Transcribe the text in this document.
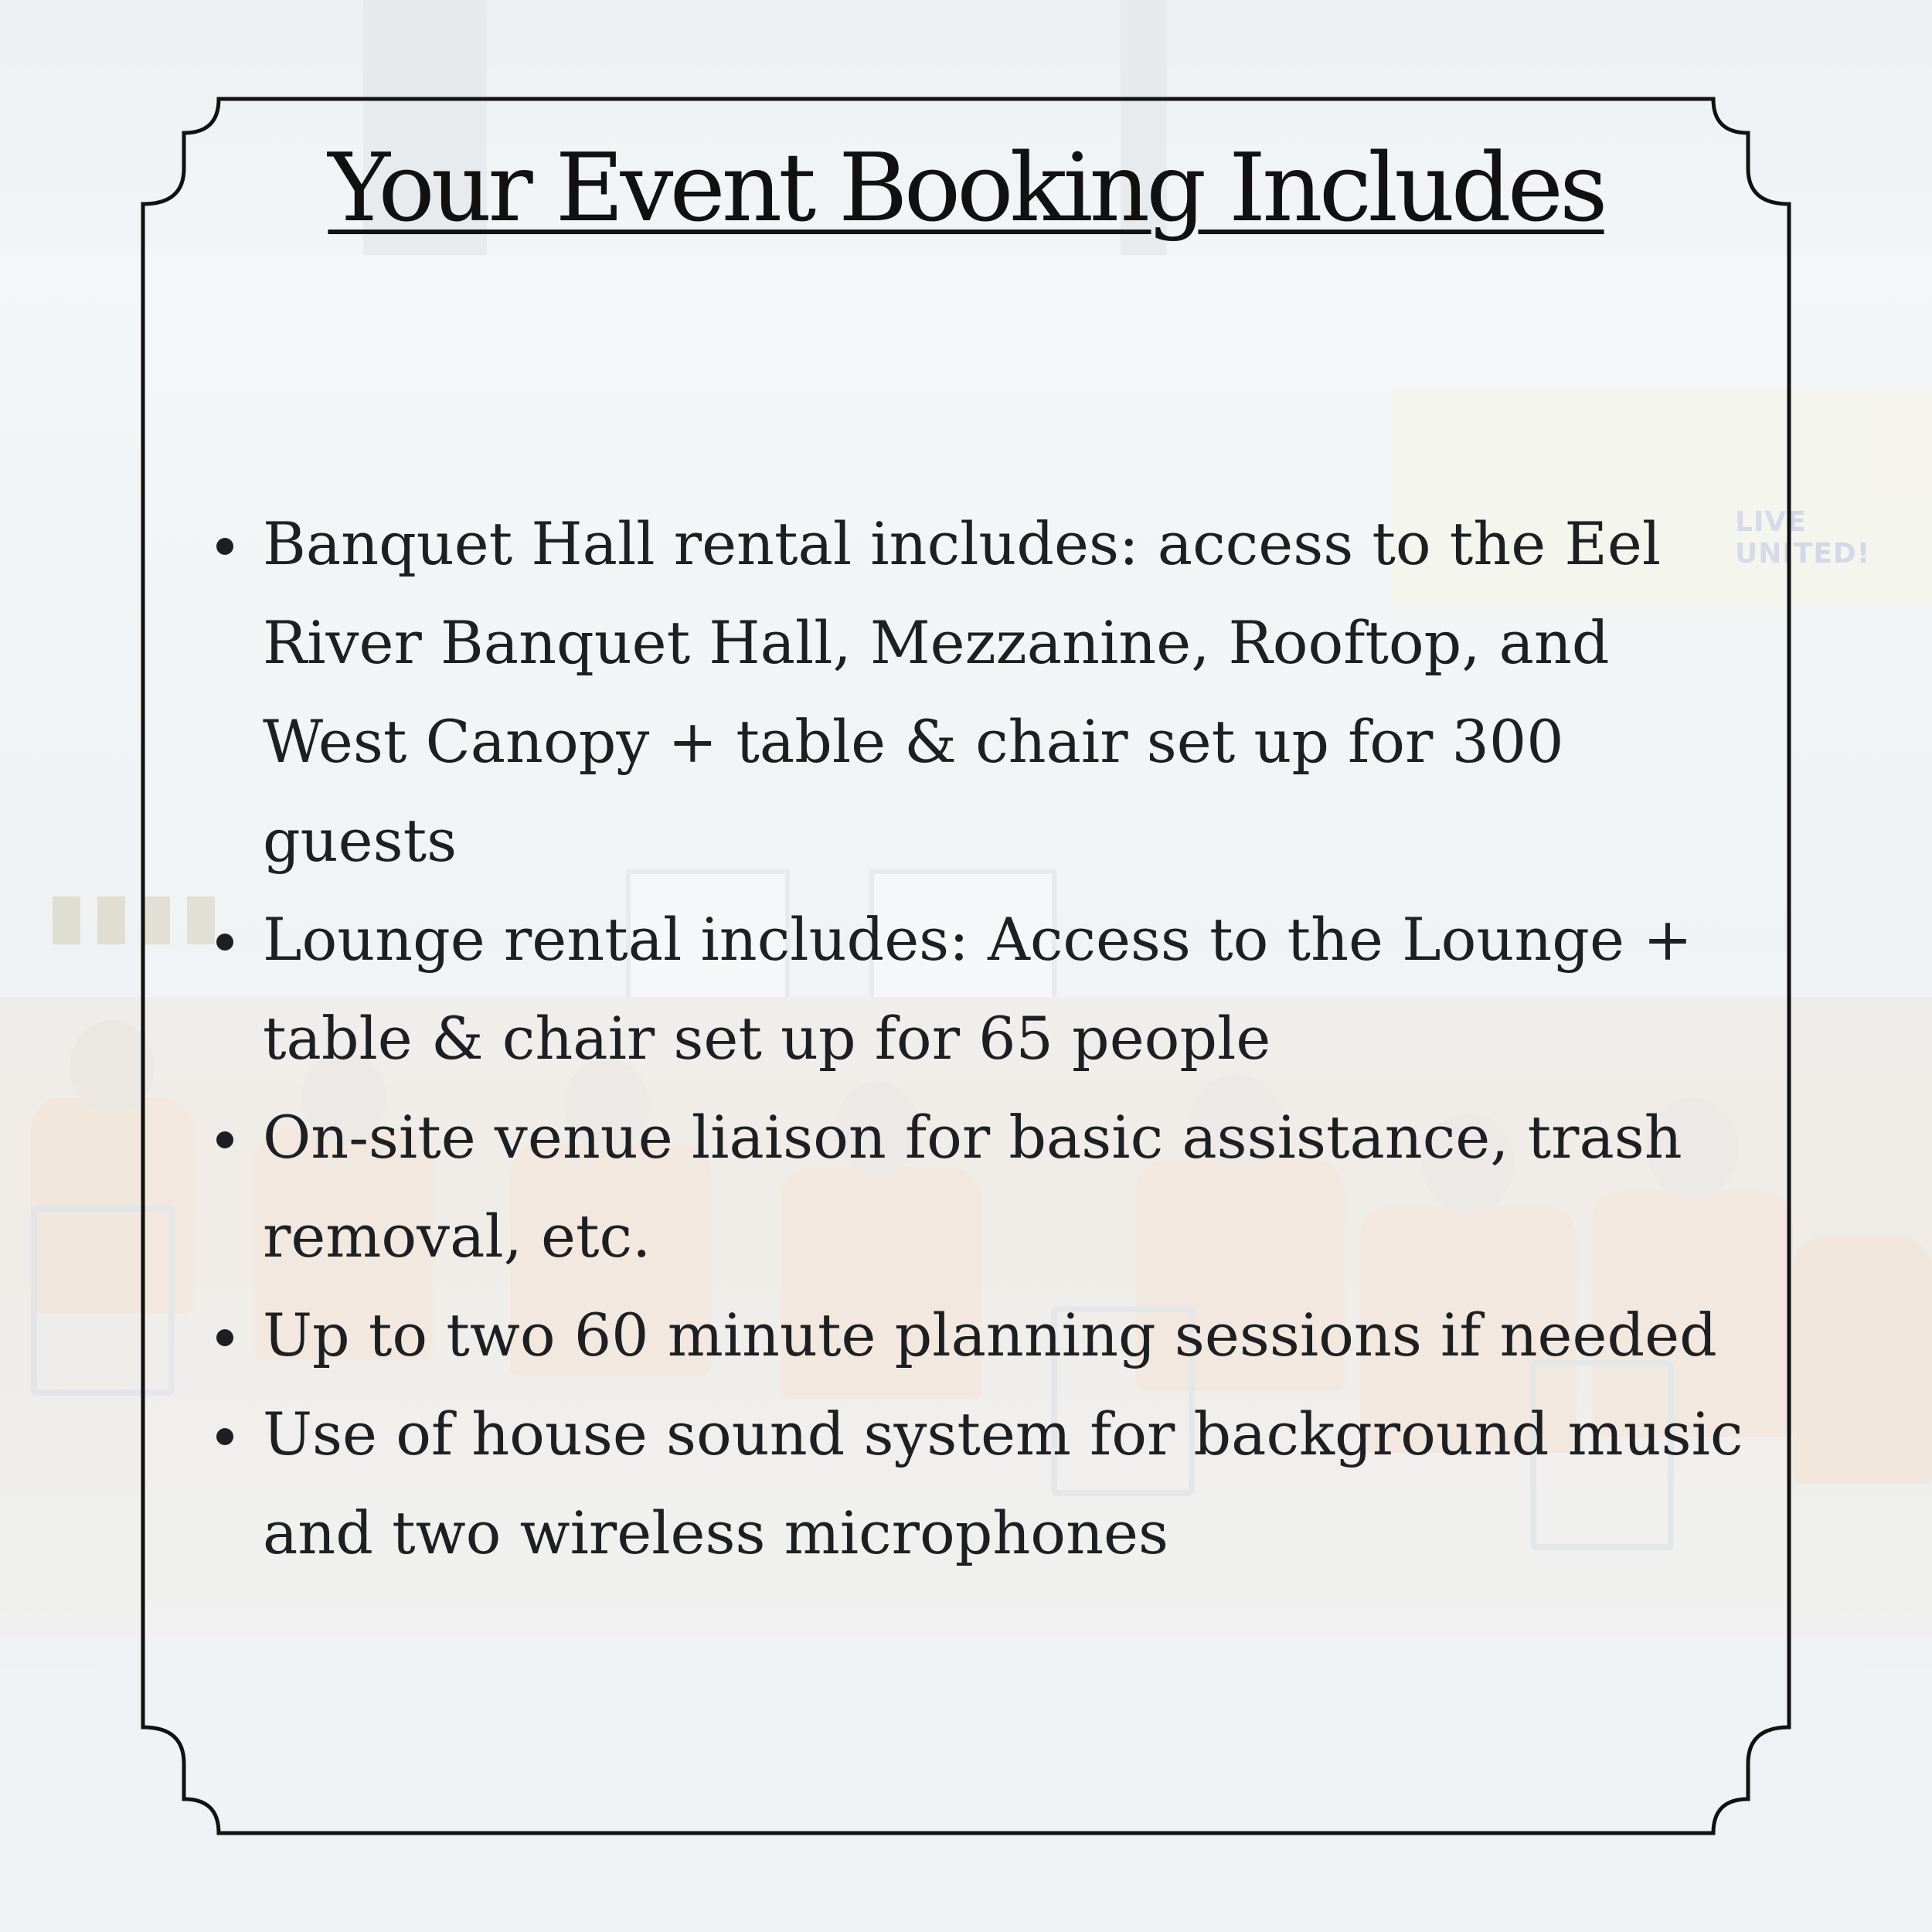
Your Event Booking Includes
Banquet Hall rental includes: access to the Eel River Banquet Hall, Mezzanine, Rooftop, and West Canopy + table & chair set up for 300 guests
Lounge rental includes: Access to the Lounge + table & chair set up for 65 people
On-site venue liaison for basic assistance, trash removal, etc.
Up to two 60 minute planning sessions if needed
Use of house sound system for background music and two wireless microphones
